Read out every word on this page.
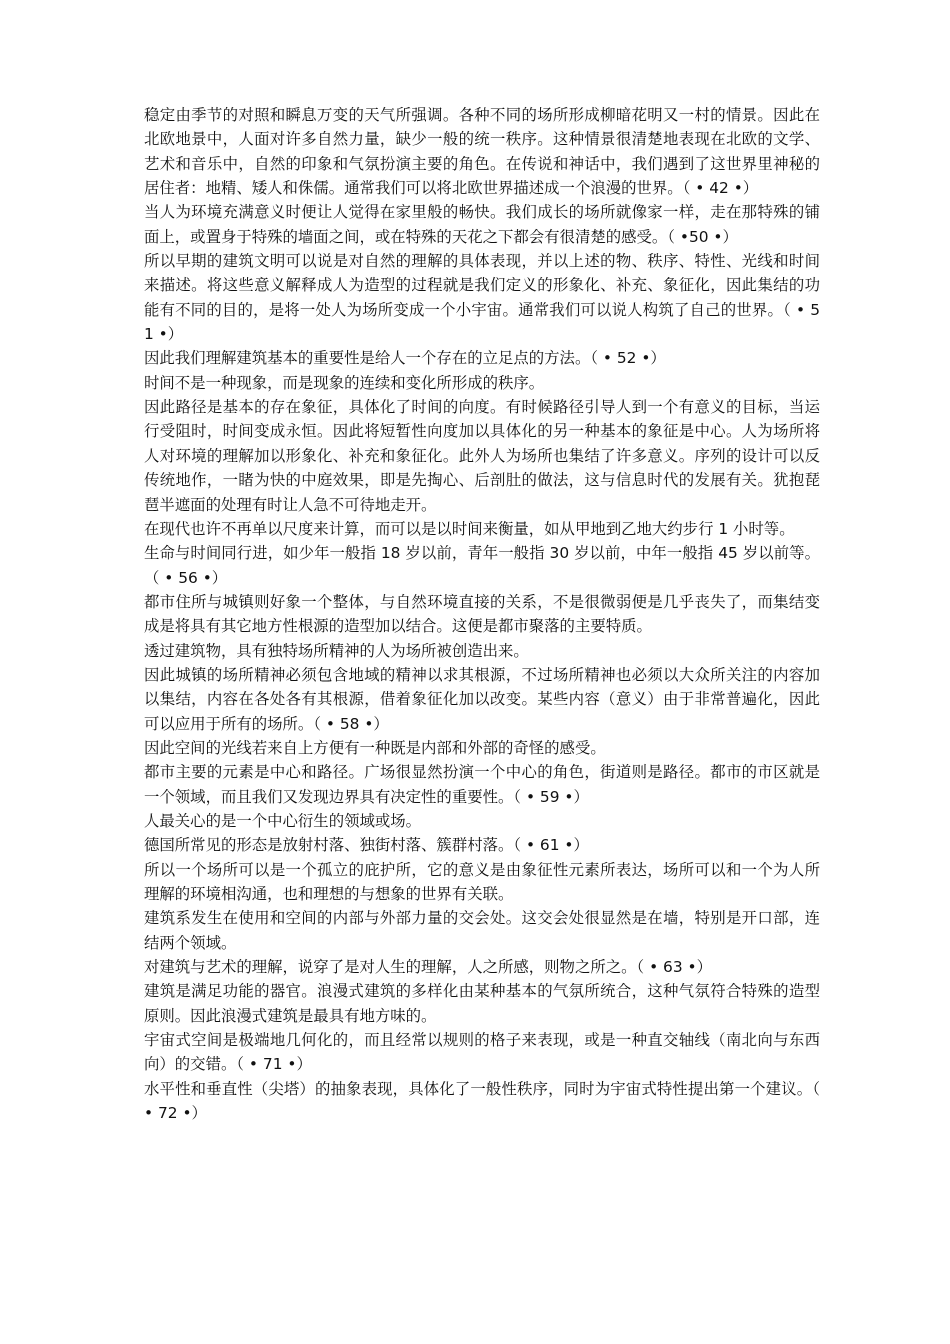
稳定由季节的对照和瞬息万变的天气所强调。各种不同的场所形成柳暗花明又一村的情景。因此在北欧地景中，人面对许多自然力量，缺少一般的统一秩序。这种情景很清楚地表现在北欧的文学、艺术和音乐中，自然的印象和气氛扮演主要的角色。在传说和神话中，我们遇到了这世界里神秘的居住者：地精、矮人和侏儒。通常我们可以将北欧世界描述成一个浪漫的世界。（ • 42 •）

当人为环境充满意义时便让人觉得在家里般的畅快。我们成长的场所就像家一样，走在那特殊的铺面上，或置身于特殊的墙面之间，或在特殊的天花之下都会有很清楚的感受。（ •50 •）

所以早期的建筑文明可以说是对自然的理解的具体表现，并以上述的物、秩序、特性、光线和时间来描述。将这些意义解释成人为造型的过程就是我们定义的形象化、补充、象征化，因此集结的功能有不同的目的，是将一处人为场所变成一个小宇宙。通常我们可以说人构筑了自己的世界。（ • 51 •）

因此我们理解建筑基本的重要性是给人一个存在的立足点的方法。（ • 52 •）

时间不是一种现象，而是现象的连续和变化所形成的秩序。

因此路径是基本的存在象征，具体化了时间的向度。有时候路径引导人到一个有意义的目标，当运行受阻时，时间变成永恒。因此将短暂性向度加以具体化的另一种基本的象征是中心。人为场所将人对环境的理解加以形象化、补充和象征化。此外人为场所也集结了许多意义。序列的设计可以反传统地作，一睹为快的中庭效果，即是先掏心、后剖肚的做法，这与信息时代的发展有关。犹抱琵琶半遮面的处理有时让人急不可待地走开。

在现代也许不再单以尺度来计算，而可以是以时间来衡量，如从甲地到乙地大约步行 1 小时等。

生命与时间同行进，如少年一般指 18 岁以前，青年一般指 30 岁以前，中年一般指 45 岁以前等。（ • 56 •）

都市住所与城镇则好象一个整体，与自然环境直接的关系，不是很微弱便是几乎丧失了，而集结变成是将具有其它地方性根源的造型加以结合。这便是都市聚落的主要特质。

透过建筑物，具有独特场所精神的人为场所被创造出来。

因此城镇的场所精神必须包含地域的精神以求其根源，不过场所精神也必须以大众所关注的内容加以集结，内容在各处各有其根源，借着象征化加以改变。某些内容（意义）由于非常普遍化，因此可以应用于所有的场所。（ • 58 •）

因此空间的光线若来自上方便有一种既是内部和外部的奇怪的感受。

都市主要的元素是中心和路径。广场很显然扮演一个中心的角色，街道则是路径。都市的市区就是一个领域，而且我们又发现边界具有决定性的重要性。（ • 59 •）

人最关心的是一个中心衍生的领域或场。

德国所常见的形态是放射村落、独街村落、簇群村落。（ • 61 •）

所以一个场所可以是一个孤立的庇护所，它的意义是由象征性元素所表达，场所可以和一个为人所理解的环境相沟通，也和理想的与想象的世界有关联。

建筑系发生在使用和空间的内部与外部力量的交会处。这交会处很显然是在墙，特别是开口部，连结两个领域。

对建筑与艺术的理解，说穿了是对人生的理解，人之所感，则物之所之。（ • 63 •）

建筑是满足功能的器官。浪漫式建筑的多样化由某种基本的气氛所统合，这种气氛符合特殊的造型原则。因此浪漫式建筑是最具有地方味的。

宇宙式空间是极端地几何化的，而且经常以规则的格子来表现，或是一种直交轴线（南北向与东西向）的交错。（ • 71 •）

水平性和垂直性（尖塔）的抽象表现，具体化了一般性秩序，同时为宇宙式特性提出第一个建议。（ • 72 •）
